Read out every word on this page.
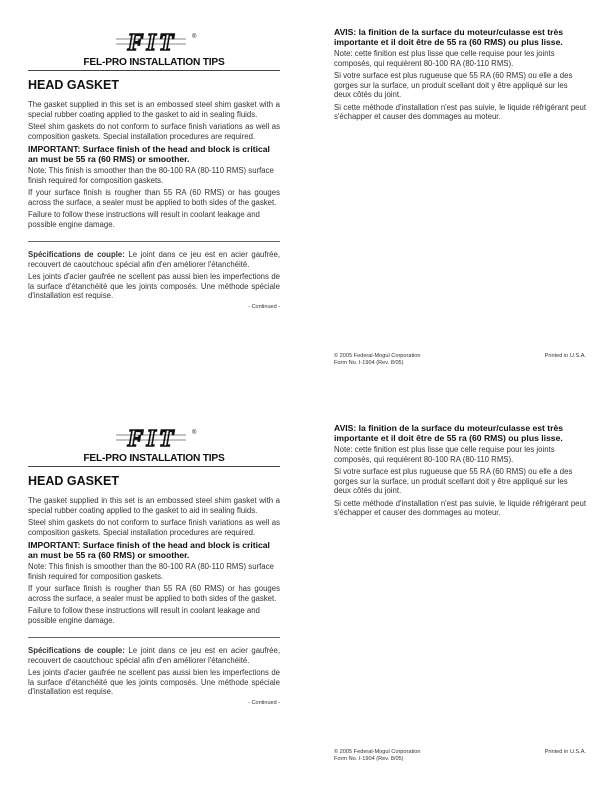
FIT	®
FEL-PRO INSTALLATION TIPS
HEAD GASKET

The gasket supplied in this set is an embossed steel shim gasket with a special rubber coating applied to the gasket to aid in sealing fluids.

Steel shim gaskets do not conform to surface finish variations as well as composition gaskets. Special installation procedures are required.

IMPORTANT: Surface finish of the head and block is critical an must be 55 ra (60 RMS) or smoother.

Note: This finish is smoother than the 80-100 RA (80-110 RMS) surface finish required for composition gaskets.

If your surface finish is rougher than 55 RA (60 RMS) or has gouges across the surface, a sealer must be applied to both sides of the gasket.

Failure to follow these instructions will result in coolant leakage and possible engine damage.

Spécifications de couple: Le joint dans ce jeu est en acier gaufrée, recouvert de caoutchouc spécial afin d'en améliorer l'étanchéité.

Les joints d'acier gaufrée ne scellent pas aussi bien les imperfections de la surface d'étanchéité que les joints composés. Une méthode spéciale d'installation est requise.

- Continued -

AVIS: la finition de la surface du moteur/culasse est très importante et il doit être de 55 ra (60 RMS) ou plus lisse.

Note: cette finition est plus lisse que celle requise pour les joints composés, qui requièrent 80-100 RA (80-110 RMS).

Si votre surface est plus rugueuse que 55 RA (60 RMS) ou elle a des gorges sur la surface, un produit scellant doit y être appliqué sur les deux côtés du joint.

Si cette méthode d'installation n'est pas suivie, le liquide réfrigérant peut s'échapper et causer des dommages au moteur.

© 2005 Federal-Mogul Corporation
Form No. I-1904 (Rev. 8/05)
Printed in U.S.A.
FIT	®
FEL-PRO INSTALLATION TIPS
HEAD GASKET

The gasket supplied in this set is an embossed steel shim gasket with a special rubber coating applied to the gasket to aid in sealing fluids.

Steel shim gaskets do not conform to surface finish variations as well as composition gaskets. Special installation procedures are required.

IMPORTANT: Surface finish of the head and block is critical an must be 55 ra (60 RMS) or smoother.

Note: This finish is smoother than the 80-100 RA (80-110 RMS) surface finish required for composition gaskets.

If your surface finish is rougher than 55 RA (60 RMS) or has gouges across the surface, a sealer must be applied to both sides of the gasket.

Failure to follow these instructions will result in coolant leakage and possible engine damage.

Spécifications de couple: Le joint dans ce jeu est en acier gaufrée, recouvert de caoutchouc spécial afin d'en améliorer l'étanchéité.

Les joints d'acier gaufrée ne scellent pas aussi bien les imperfections de la surface d'étanchéité que les joints composés. Une méthode spéciale d'installation est requise.

- Continued -

AVIS: la finition de la surface du moteur/culasse est très importante et il doit être de 55 ra (60 RMS) ou plus lisse.

Note: cette finition est plus lisse que celle requise pour les joints composés, qui requièrent 80-100 RA (80-110 RMS).

Si votre surface est plus rugueuse que 55 RA (60 RMS) ou elle a des gorges sur la surface, un produit scellant doit y être appliqué sur les deux côtés du joint.

Si cette méthode d'installation n'est pas suivie, le liquide réfrigérant peut s'échapper et causer des dommages au moteur.

© 2005 Federal-Mogul Corporation
Form No. I-1904 (Rev. 8/05)
Printed in U.S.A.
